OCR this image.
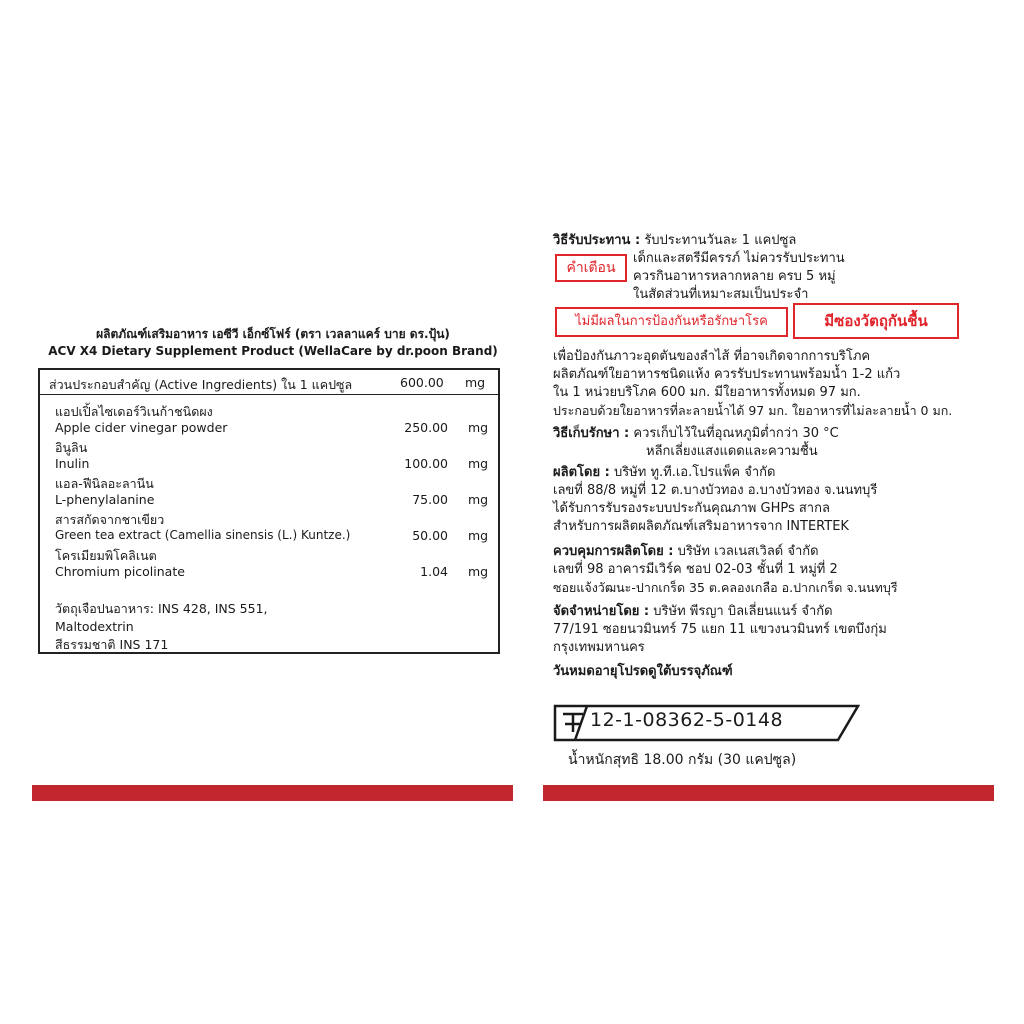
ผลิตภัณฑ์เสริมอาหาร เอซีวี เอ็กซ์โฟร์ (ตรา เวลลาแคร์ บาย ดร.ปุ้น)
ACV X4 Dietary Supplement Product (WellaCare by dr.poon Brand)
ส่วนประกอบสำคัญ (Active Ingredients) ใน 1 แคปซูล	600.00	mg
แอปเปิ้ลไซเดอร์วิเนก้าชนิดผง
Apple cider vinegar powder	250.00 mg
อินูลิน
Inulin	100.00 mg
แอล-ฟีนิลอะลานีน
L-phenylalanine	75.00 mg
สารสกัดจากชาเขียว
Green tea extract (Camellia sinensis (L.) Kuntze.)	50.00 mg
โครเมียมพิโคลิเนต
Chromium picolinate	1.04 mg
วัตถุเจือปนอาหาร: INS 428, INS 551,
Maltodextrin
สีธรรมชาติ INS 171
วิธีรับประทาน : รับประทานวันละ 1 แคปซูล
คำเตือน
เด็กและสตรีมีครรภ์ ไม่ควรรับประทาน
ควรกินอาหารหลากหลาย ครบ 5 หมู่
ในสัดส่วนที่เหมาะสมเป็นประจำ
ไม่มีผลในการป้องกันหรือรักษาโรค	มีซองวัตถุกันชื้น
เพื่อป้องกันภาวะอุดตันของลำไส้ ที่อาจเกิดจากการบริโภค
ผลิตภัณฑ์ใยอาหารชนิดแห้ง ควรรับประทานพร้อมน้ำ 1-2 แก้ว
ใน 1 หน่วยบริโภค 600 มก. มีใยอาหารทั้งหมด 97 มก.
ประกอบด้วยใยอาหารที่ละลายน้ำได้ 97 มก. ใยอาหารที่ไม่ละลายน้ำ 0 มก.
วิธีเก็บรักษา : ควรเก็บไว้ในที่อุณหภูมิต่ำกว่า 30 °C
หลีกเลี่ยงแสงแดดและความชื้น
ผลิตโดย : บริษัท ทู.ที.เอ.โปรแพ็ค จำกัด
เลขที่ 88/8 หมู่ที่ 12 ต.บางบัวทอง อ.บางบัวทอง จ.นนทบุรี
ได้รับการรับรองระบบประกันคุณภาพ GHPs สากล
สำหรับการผลิตผลิตภัณฑ์เสริมอาหารจาก INTERTEK
ควบคุมการผลิตโดย : บริษัท เวลเนสเวิลด์ จำกัด
เลขที่ 98 อาคารมีเวิร์ค ชอป 02-03 ชั้นที่ 1 หมู่ที่ 2
ซอยแจ้งวัฒนะ-ปากเกร็ด 35 ต.คลองเกลือ อ.ปากเกร็ด จ.นนทบุรี
จัดจำหน่ายโดย : บริษัท พีรญา บิลเลี่ยนแนร์ จำกัด
77/191 ซอยนวมินทร์ 75 แยก 11 แขวงนวมินทร์ เขตบึงกุ่ม
กรุงเทพมหานคร
วันหมดอายุโปรดดูใต้บรรจุภัณฑ์
12-1-08362-5-0148
น้ำหนักสุทธิ 18.00 กรัม (30 แคปซูล)
